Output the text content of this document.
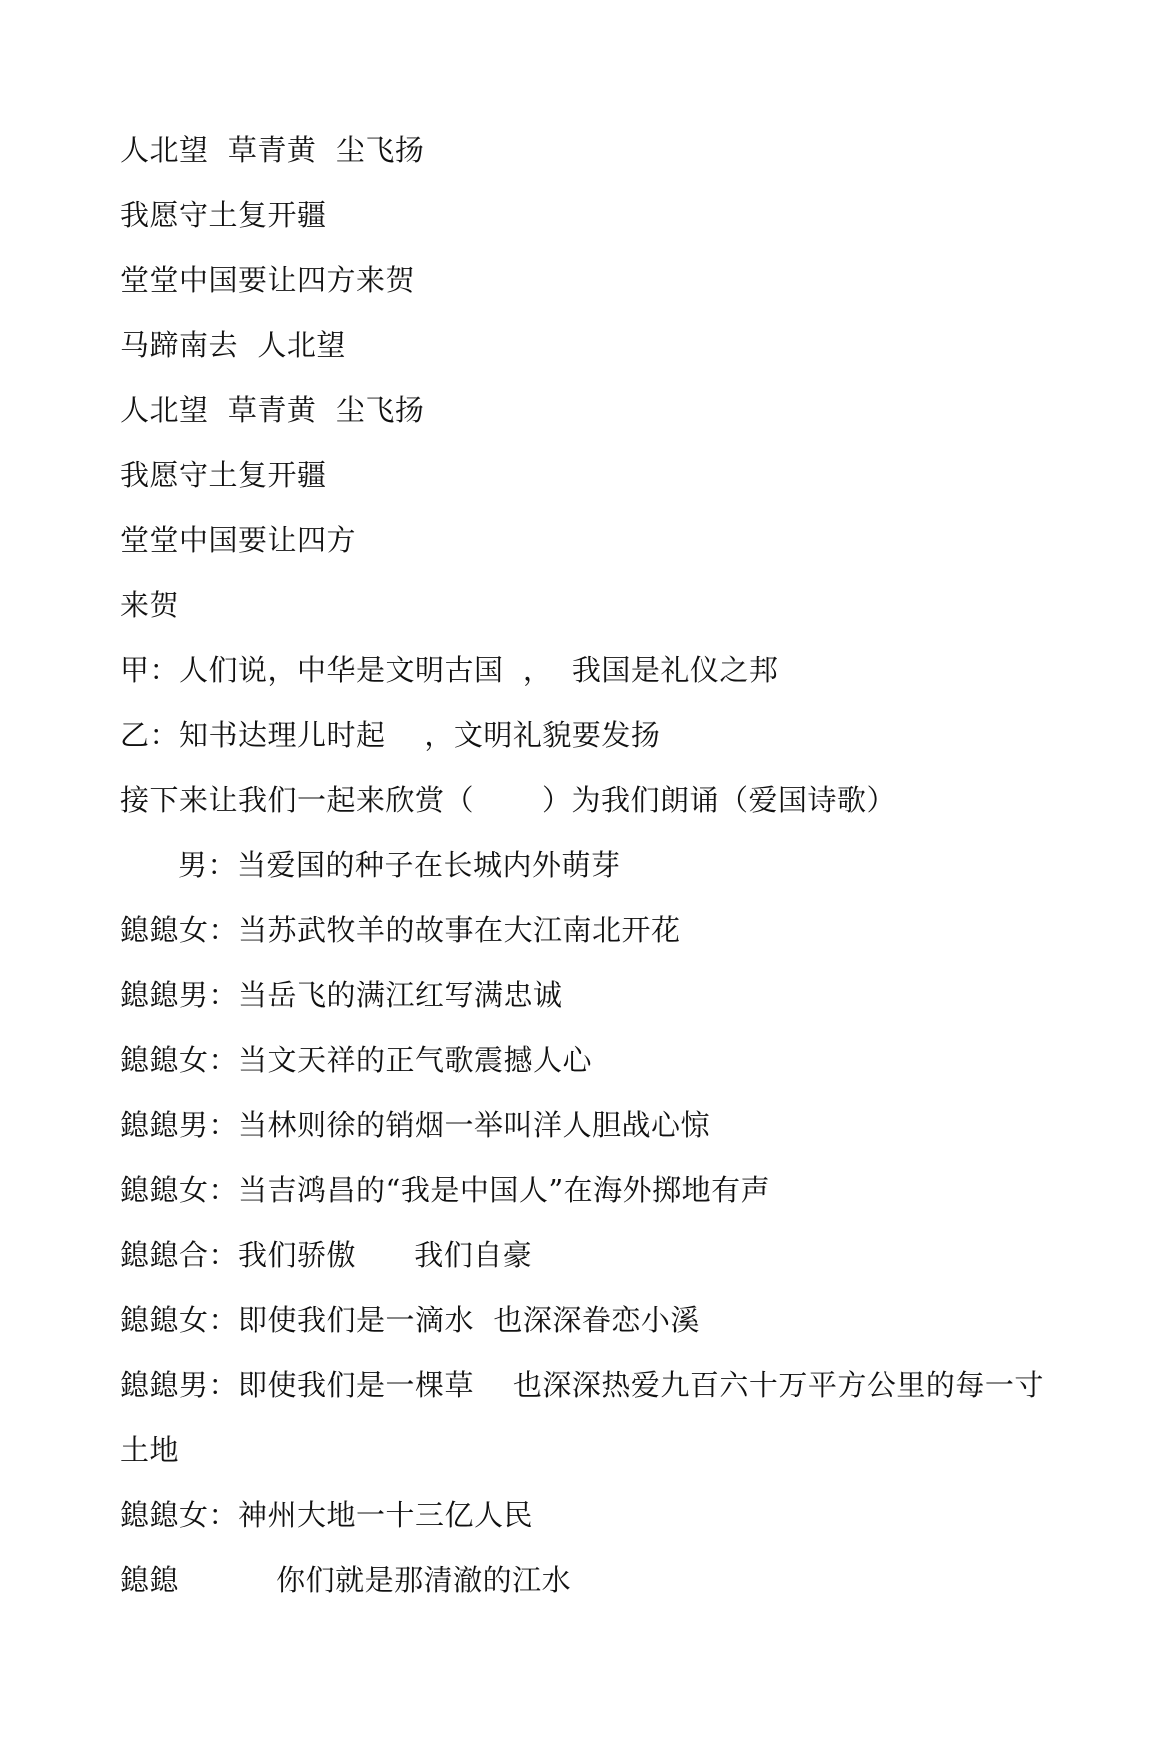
人北望  草青黄  尘飞扬
我愿守土复开疆
堂堂中国要让四方来贺
马蹄南去  人北望
人北望  草青黄  尘飞扬
我愿守土复开疆
堂堂中国要让四方
来贺
甲：人们说，中华是文明古国  ，  我国是礼仪之邦
乙：知书达理儿时起    ，文明礼貌要发扬
接下来让我们一起来欣赏（       ）为我们朗诵（爱国诗歌）
男：当爱国的种子在长城内外萌芽
鎴鎴女：当苏武牧羊的故事在大江南北开花
鎴鎴男：当岳飞的满江红写满忠诚
鎴鎴女：当文天祥的正气歌震撼人心
鎴鎴男：当林则徐的销烟一举叫洋人胆战心惊
鎴鎴女：当吉鸿昌的“我是中国人”在海外掷地有声
鎴鎴合：我们骄傲      我们自豪
鎴鎴女：即使我们是一滴水  也深深眷恋小溪
鎴鎴男：即使我们是一棵草    也深深热爱九百六十万平方公里的每一寸
土地
鎴鎴女：神州大地一十三亿人民
鎴鎴          你们就是那清澈的江水
